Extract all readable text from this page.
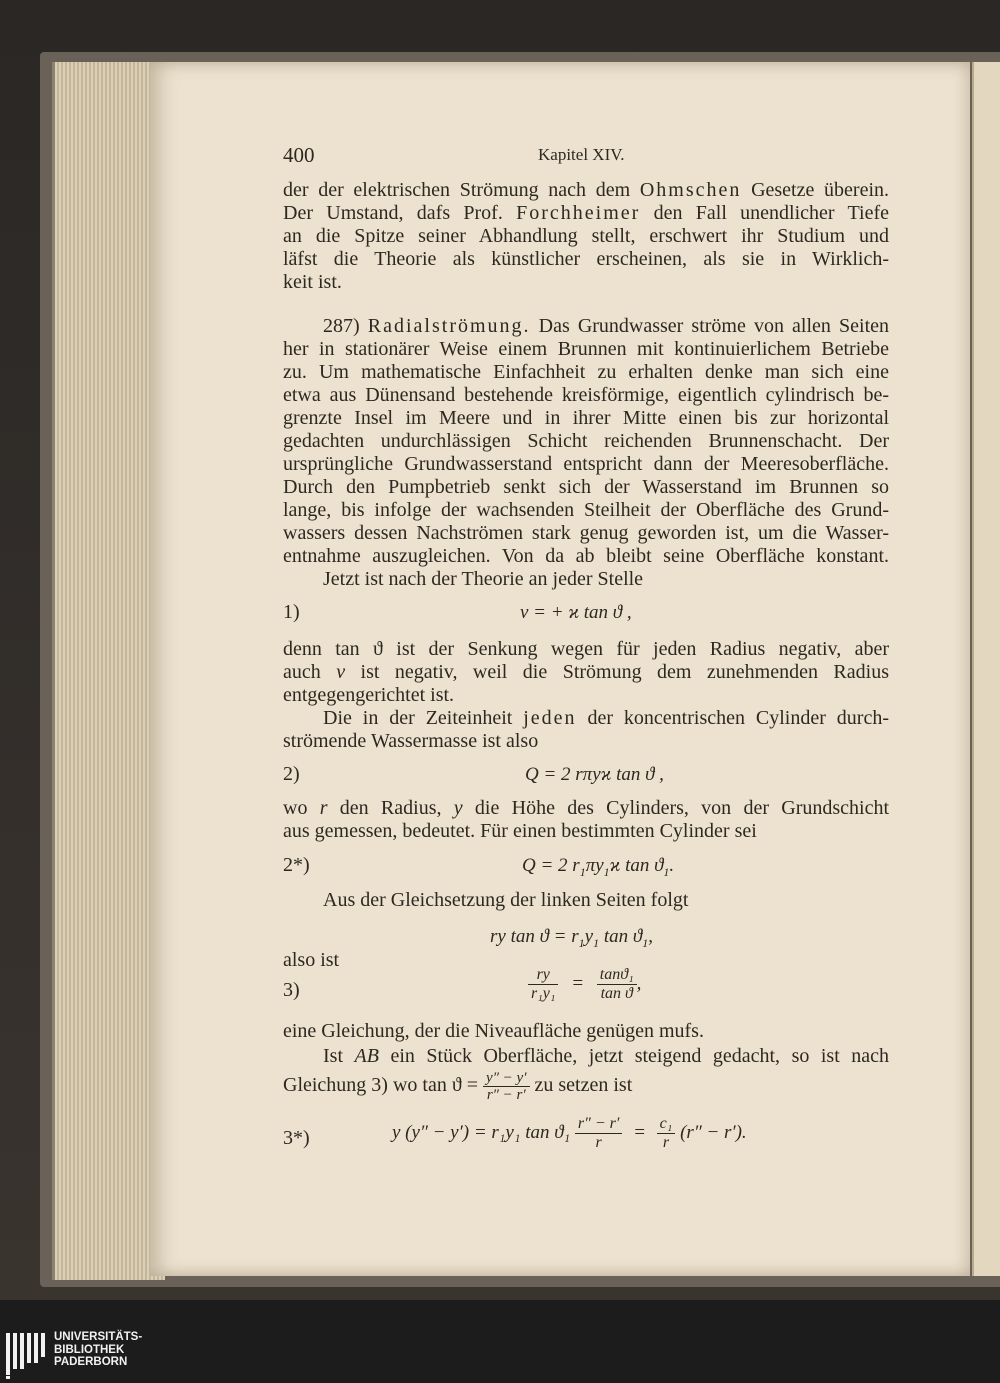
400	Kapitel XIV.
der der elektrischen Strömung nach dem Ohmschen Gesetze überein.
Der Umstand, dafs Prof. Forchheimer den Fall unendlicher Tiefe
an die Spitze seiner Abhandlung stellt, erschwert ihr Studium und
läfst die Theorie als künstlicher erscheinen, als sie in Wirklich-
keit ist.
287) Radialströmung. Das Grundwasser ströme von allen Seiten
her in stationärer Weise einem Brunnen mit kontinuierlichem Betriebe
zu. Um mathematische Einfachheit zu erhalten denke man sich eine
etwa aus Dünensand bestehende kreisförmige, eigentlich cylindrisch be-
grenzte Insel im Meere und in ihrer Mitte einen bis zur horizontal
gedachten undurchlässigen Schicht reichenden Brunnenschacht. Der
ursprüngliche Grundwasserstand entspricht dann der Meeresoberfläche.
Durch den Pumpbetrieb senkt sich der Wasserstand im Brunnen so
lange, bis infolge der wachsenden Steilheit der Oberfläche des Grund-
wassers dessen Nachströmen stark genug geworden ist, um die Wasser-
entnahme auszugleichen. Von da ab bleibt seine Oberfläche konstant.
Jetzt ist nach der Theorie an jeder Stelle
1)	v = + ϰ tan ϑ ,
denn tan ϑ ist der Senkung wegen für jeden Radius negativ, aber
auch v ist negativ, weil die Strömung dem zunehmenden Radius
entgegengerichtet ist.
Die in der Zeiteinheit jeden der koncentrischen Cylinder durch-
strömende Wassermasse ist also
2)	Q = 2 rπyϰ tan ϑ ,
wo r den Radius, y die Höhe des Cylinders, von der Grundschicht
aus gemessen, bedeutet. Für einen bestimmten Cylinder sei
2*)	Q = 2 $r_1\pi y_1ϰ$ $\tan ϑ_1$.
Aus der Gleichsetzung der linken Seiten folgt
ry $\tan ϑ = r_1y_1$ $\tan ϑ_1$,
also ist
3)	$\frac{ry}{\text{r₁y₁}} = \frac{\text{tanϑ₁}}{\text{tan ϑ}}$ ,
eine Gleichung, der die Niveaufläche genügen mufs.
Ist AB ein Stück Oberfläche, jetzt steigend gedacht, so ist nach
Gleichung 3) wo $\tan ϑ = \frac{y'' - y'}{r'' - r'}$ zu setzen ist
3*)	y (y″ − y′) = r₁y₁ $\tan ϑ_1 \frac{r'' - r'}{r} = \frac{\text{c₁}}{r} (r'' - r')$.
UNIVERSITÄTS-
BIBLIOTHEK
PADERBORN
